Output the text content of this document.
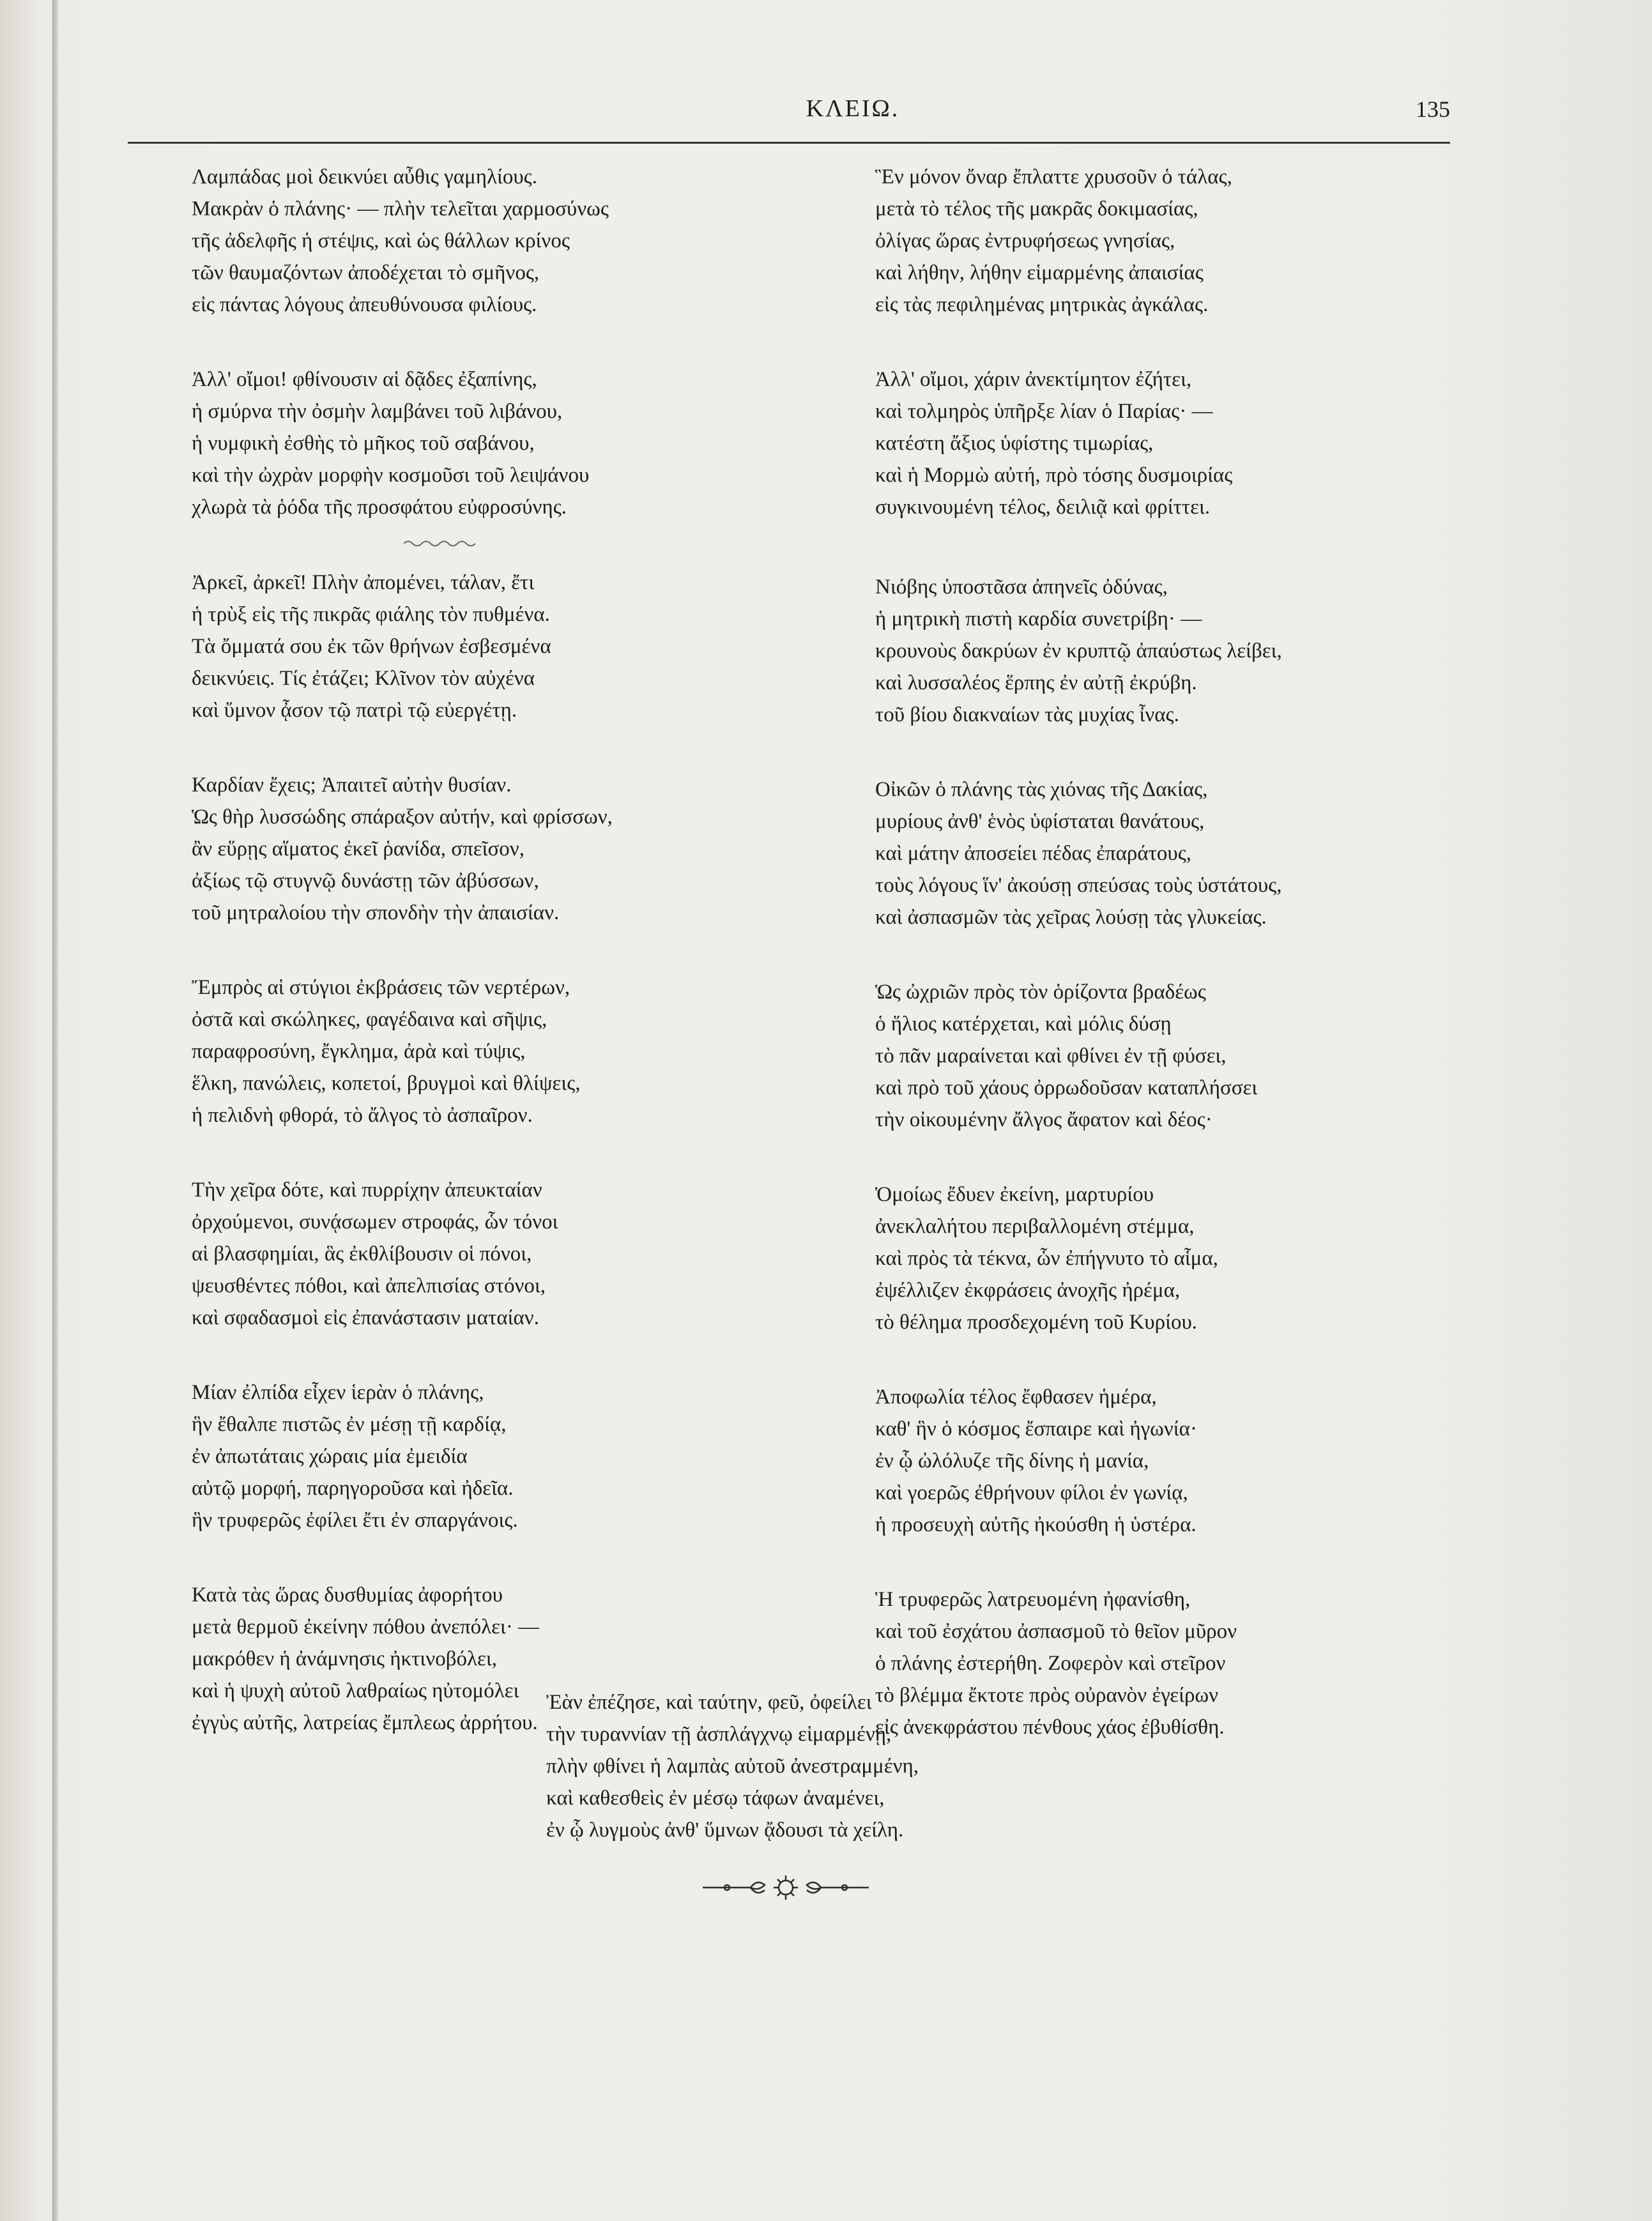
ΚΛΕΙΩ.	135
Λαμπάδας μοὶ δεικνύει αὖθις γαμηλίους.
Μακρὰν ὁ πλάνης· — πλὴν τελεῖται χαρμοσύνως
τῆς ἀδελφῆς ἡ στέψις, καὶ ὡς θάλλων κρίνος
τῶν θαυμαζόντων ἀποδέχεται τὸ σμῆνος,
εἰς πάντας λόγους ἀπευθύνουσα φιλίους.
Ἀλλ' οἴμοι! φθίνουσιν αἱ δᾷδες ἐξαπίνης,
ἡ σμύρνα τὴν ὀσμὴν λαμβάνει τοῦ λιβάνου,
ἡ νυμφικὴ ἐσθὴς τὸ μῆκος τοῦ σαβάνου,
καὶ τὴν ὠχρὰν μορφὴν κοσμοῦσι τοῦ λειψάνου
χλωρὰ τὰ ῥόδα τῆς προσφάτου εὐφροσύνης.
Ἀρκεῖ, ἀρκεῖ! Πλὴν ἀπομένει, τάλαν, ἔτι
ἡ τρὺξ εἰς τῆς πικρᾶς φιάλης τὸν πυθμένα.
Τὰ ὄμματά σου ἐκ τῶν θρήνων ἐσβεσμένα
δεικνύεις. Τίς ἐτάζει; Κλῖνον τὸν αὐχένα
καὶ ὕμνον ᾆσον τῷ πατρὶ τῷ εὐεργέτῃ.
Καρδίαν ἔχεις; Ἀπαιτεῖ αὐτὴν θυσίαν.
Ὡς θὴρ λυσσώδης σπάραξον αὐτήν, καὶ φρίσσων,
ἂν εὕρῃς αἵματος ἐκεῖ ῥανίδα, σπεῖσον,
ἀξίως τῷ στυγνῷ δυνάστῃ τῶν ἀβύσσων,
τοῦ μητραλοίου τὴν σπονδὴν τὴν ἀπαισίαν.
Ἔμπρὸς αἱ στύγιοι ἐκβράσεις τῶν νερτέρων,
ὀστᾶ καὶ σκώληκες, φαγέδαινα καὶ σῆψις,
παραφροσύνη, ἔγκλημα, ἀρὰ καὶ τύψις,
ἕλκη, πανώλεις, κοπετοί, βρυγμοὶ καὶ θλίψεις,
ἡ πελιδνὴ φθορά, τὸ ἄλγος τὸ ἀσπαῖρον.
Τὴν χεῖρα δότε, καὶ πυρρίχην ἀπευκταίαν
ὀρχούμενοι, συνᾴσωμεν στροφάς, ὧν τόνοι
αἱ βλασφημίαι, ἃς ἐκθλίβουσιν οἱ πόνοι,
ψευσθέντες πόθοι, καὶ ἀπελπισίας στόνοι,
καὶ σφαδασμοὶ εἰς ἐπανάστασιν ματαίαν.
Μίαν ἐλπίδα εἶχεν ἱερὰν ὁ πλάνης,
ἣν ἔθαλπε πιστῶς ἐν μέσῃ τῇ καρδίᾳ,
ἐν ἀπωτάταις χώραις μία ἐμειδία
αὐτῷ μορφή, παρηγοροῦσα καὶ ἠδεῖα.
ἣν τρυφερῶς ἐφίλει ἔτι ἐν σπαργάνοις.
Κατὰ τὰς ὥρας δυσθυμίας ἀφορήτου
μετὰ θερμοῦ ἐκείνην πόθου ἀνεπόλει· —
μακρόθεν ἡ ἀνάμνησις ἠκτινοβόλει,
καὶ ἡ ψυχὴ αὐτοῦ λαθραίως ηὐτομόλει
ἐγγὺς αὐτῆς, λατρείας ἔμπλεως ἀρρήτου.
Ἓν μόνον ὄναρ ἔπλαττε χρυσοῦν ὁ τάλας,
μετὰ τὸ τέλος τῆς μακρᾶς δοκιμασίας,
ὀλίγας ὥρας ἐντρυφήσεως γνησίας,
καὶ λήθην, λήθην εἱμαρμένης ἀπαισίας
εἰς τὰς πεφιλημένας μητρικὰς ἀγκάλας.
Ἀλλ' οἴμοι, χάριν ἀνεκτίμητον ἐζήτει,
καὶ τολμηρὸς ὑπῆρξε λίαν ὁ Παρίας· —
κατέστη ἄξιος ὑφίστης τιμωρίας,
καὶ ἡ Μορμὼ αὐτή, πρὸ τόσης δυσμοιρίας
συγκινουμένη τέλος, δειλιᾷ καὶ φρίττει.
Νιόβης ὑποστᾶσα ἀπηνεῖς ὀδύνας,
ἡ μητρικὴ πιστὴ καρδία συνετρίβη· —
κρουνοὺς δακρύων ἐν κρυπτῷ ἀπαύστως λείβει,
καὶ λυσσαλέος ἕρπης ἐν αὐτῇ ἐκρύβη.
τοῦ βίου διακναίων τὰς μυχίας ἶνας.
Οἰκῶν ὁ πλάνης τὰς χιόνας τῆς Δακίας,
μυρίους ἀνθ' ἑνὸς ὑφίσταται θανάτους,
καὶ μάτην ἀποσείει πέδας ἐπαράτους,
τοὺς λόγους ἵν' ἀκούσῃ σπεύσας τοὺς ὑστάτους,
καὶ ἀσπασμῶν τὰς χεῖρας λούσῃ τὰς γλυκείας.
Ὡς ὠχριῶν πρὸς τὸν ὁρίζοντα βραδέως
ὁ ἥλιος κατέρχεται, καὶ μόλις δύσῃ
τὸ πᾶν μαραίνεται καὶ φθίνει ἐν τῇ φύσει,
καὶ πρὸ τοῦ χάους ὀρρωδοῦσαν καταπλήσσει
τὴν οἰκουμένην ἄλγος ἄφατον καὶ δέος·
Ὁμοίως ἔδυεν ἐκείνη, μαρτυρίου
ἀνεκλαλήτου περιβαλλομένη στέμμα,
καὶ πρὸς τὰ τέκνα, ὧν ἐπήγνυτο τὸ αἷμα,
ἐψέλλιζεν ἐκφράσεις ἀνοχῆς ἠρέμα,
τὸ θέλημα προσδεχομένη τοῦ Κυρίου.
Ἀποφωλία τέλος ἔφθασεν ἡμέρα,
καθ' ἣν ὁ κόσμος ἔσπαιρε καὶ ἠγωνία·
ἐν ᾧ ὠλόλυζε τῆς δίνης ἡ μανία,
καὶ γοερῶς ἐθρήνουν φίλοι ἐν γωνίᾳ,
ἡ προσευχὴ αὐτῆς ἠκούσθη ἡ ὑστέρα.
Ἡ τρυφερῶς λατρευομένη ἠφανίσθη,
καὶ τοῦ ἐσχάτου ἀσπασμοῦ τὸ θεῖον μῦρον
ὁ πλάνης ἐστερήθη. Ζοφερὸν καὶ στεῖρον
τὸ βλέμμα ἔκτοτε πρὸς οὐρανὸν ἐγείρων
εἰς ἀνεκφράστου πένθους χάος ἐβυθίσθη.
Ἐὰν ἐπέζησε, καὶ ταύτην, φεῦ, ὀφείλει
τὴν τυραννίαν τῇ ἀσπλάγχνῳ εἱμαρμένῃ,
πλὴν φθίνει ἡ λαμπὰς αὐτοῦ ἀνεστραμμένη,
καὶ καθεσθεὶς ἐν μέσῳ τάφων ἀναμένει,
ἐν ᾧ λυγμοὺς ἀνθ' ὕμνων ᾄδουσι τὰ χείλη.
